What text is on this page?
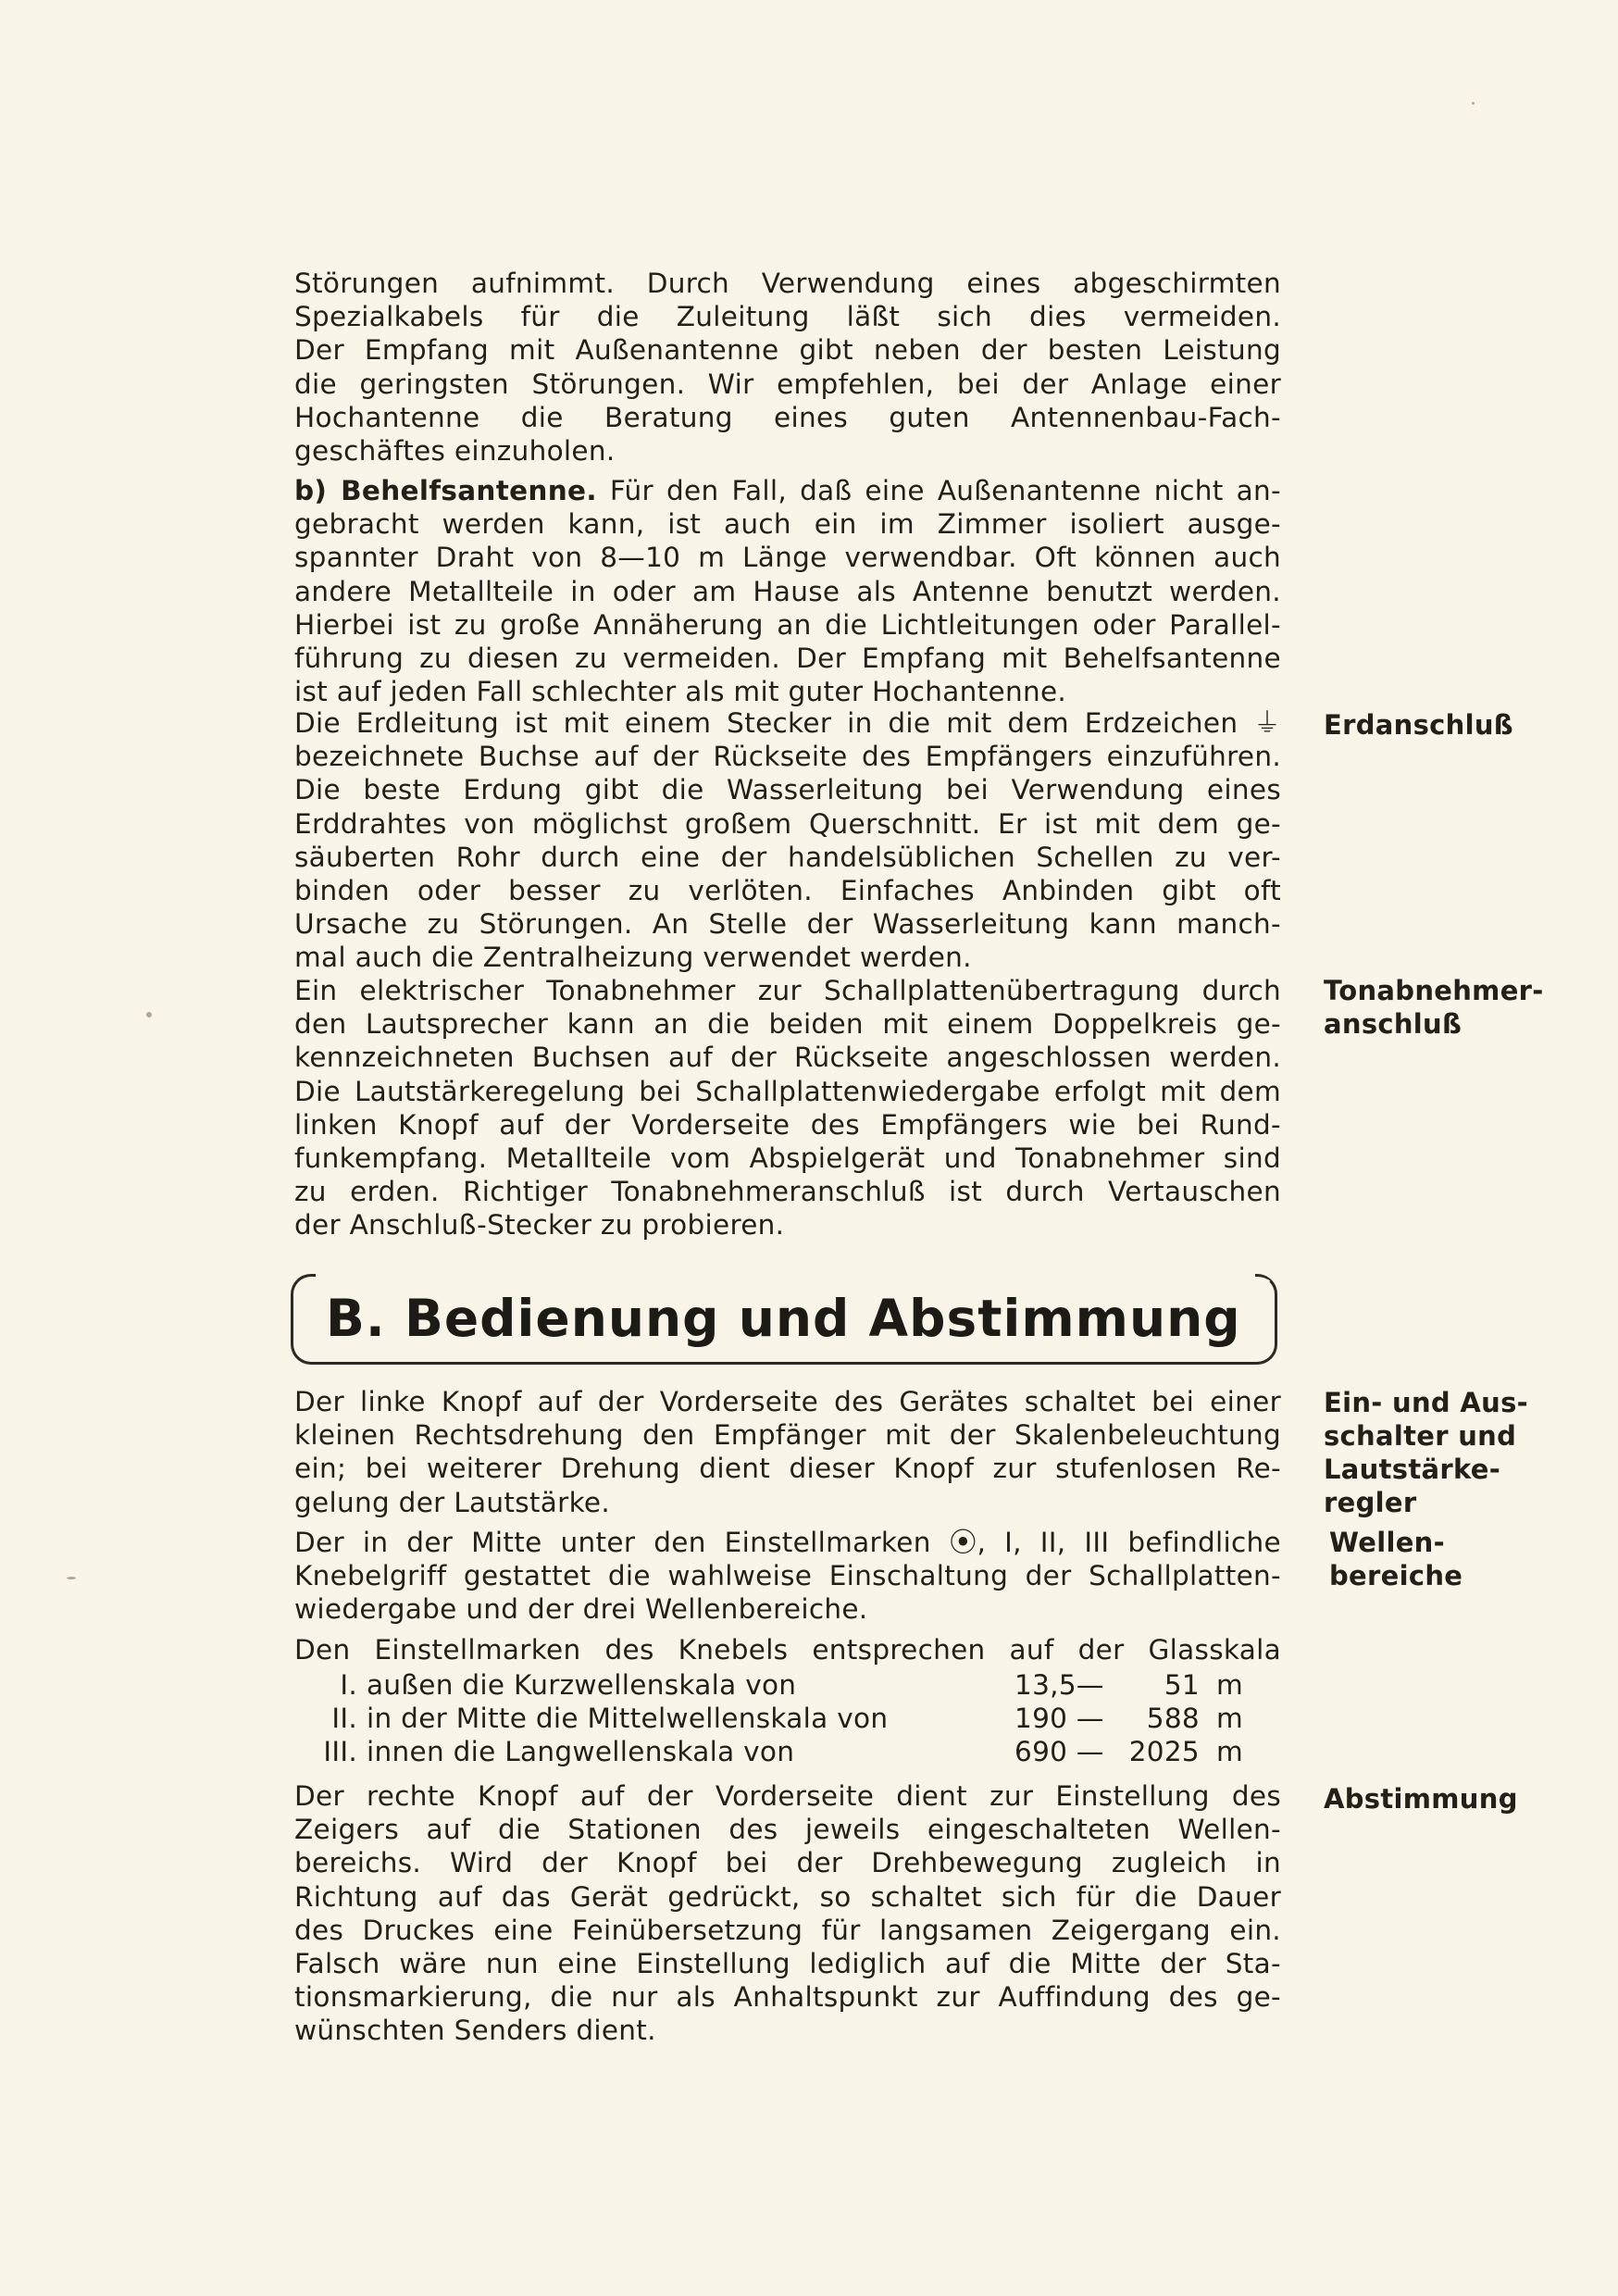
Störungen aufnimmt. Durch Verwendung eines abgeschirmten

Spezialkabels für die Zuleitung läßt sich dies vermeiden.

Der Empfang mit Außenantenne gibt neben der besten Leistung

die geringsten Störungen. Wir empfehlen, bei der Anlage einer

Hochantenne die Beratung eines guten Antennenbau-Fach-

geschäftes einzuholen.

b) Behelfsantenne. Für den Fall, daß eine Außenantenne nicht an-

gebracht werden kann, ist auch ein im Zimmer isoliert ausge-

spannter Draht von 8—10 m Länge verwendbar. Oft können auch

andere Metallteile in oder am Hause als Antenne benutzt werden.

Hierbei ist zu große Annäherung an die Lichtleitungen oder Parallel-

führung zu diesen zu vermeiden. Der Empfang mit Behelfsantenne

ist auf jeden Fall schlechter als mit guter Hochantenne.

Die Erdleitung ist mit einem Stecker in die mit dem Erdzeichen ⏚

bezeichnete Buchse auf der Rückseite des Empfängers einzuführen.

Die beste Erdung gibt die Wasserleitung bei Verwendung eines

Erddrahtes von möglichst großem Querschnitt. Er ist mit dem ge-

säuberten Rohr durch eine der handelsüblichen Schellen zu ver-

binden oder besser zu verlöten. Einfaches Anbinden gibt oft

Ursache zu Störungen. An Stelle der Wasserleitung kann manch-

mal auch die Zentralheizung verwendet werden.

Ein elektrischer Tonabnehmer zur Schallplattenübertragung durch

den Lautsprecher kann an die beiden mit einem Doppelkreis ge-

kennzeichneten Buchsen auf der Rückseite angeschlossen werden.

Die Lautstärkeregelung bei Schallplattenwiedergabe erfolgt mit dem

linken Knopf auf der Vorderseite des Empfängers wie bei Rund-

funkempfang. Metallteile vom Abspielgerät und Tonabnehmer sind

zu erden. Richtiger Tonabnehmeranschluß ist durch Vertauschen

der Anschluß-Stecker zu probieren.

B. Bedienung und Abstimmung

Der linke Knopf auf der Vorderseite des Gerätes schaltet bei einer

kleinen Rechtsdrehung den Empfänger mit der Skalenbeleuchtung

ein; bei weiterer Drehung dient dieser Knopf zur stufenlosen Re-

gelung der Lautstärke.

Der in der Mitte unter den Einstellmarken ⦿, I, II, III befindliche

Knebelgriff gestattet die wahlweise Einschaltung der Schallplatten-

wiedergabe und der drei Wellenbereiche.

Den Einstellmarken des Knebels entsprechen auf der Glasskala

I.	außen die Kurzwellenskala von	13,5—	51	m
II.	in der Mitte die Mittelwellenskala von	190 —	588	m
III.	innen die Langwellenskala von	690 —	2025	m

Der rechte Knopf auf der Vorderseite dient zur Einstellung des

Zeigers auf die Stationen des jeweils eingeschalteten Wellen-

bereichs. Wird der Knopf bei der Drehbewegung zugleich in

Richtung auf das Gerät gedrückt, so schaltet sich für die Dauer

des Druckes eine Feinübersetzung für langsamen Zeigergang ein.

Falsch wäre nun eine Einstellung lediglich auf die Mitte der Sta-

tionsmarkierung, die nur als Anhaltspunkt zur Auffindung des ge-

wünschten Senders dient.

Erdanschluß
Tonabnehmer-
anschluß
Ein- und Aus-
schalter und
Lautstärke-
regler
Wellen-
bereiche
Abstimmung
